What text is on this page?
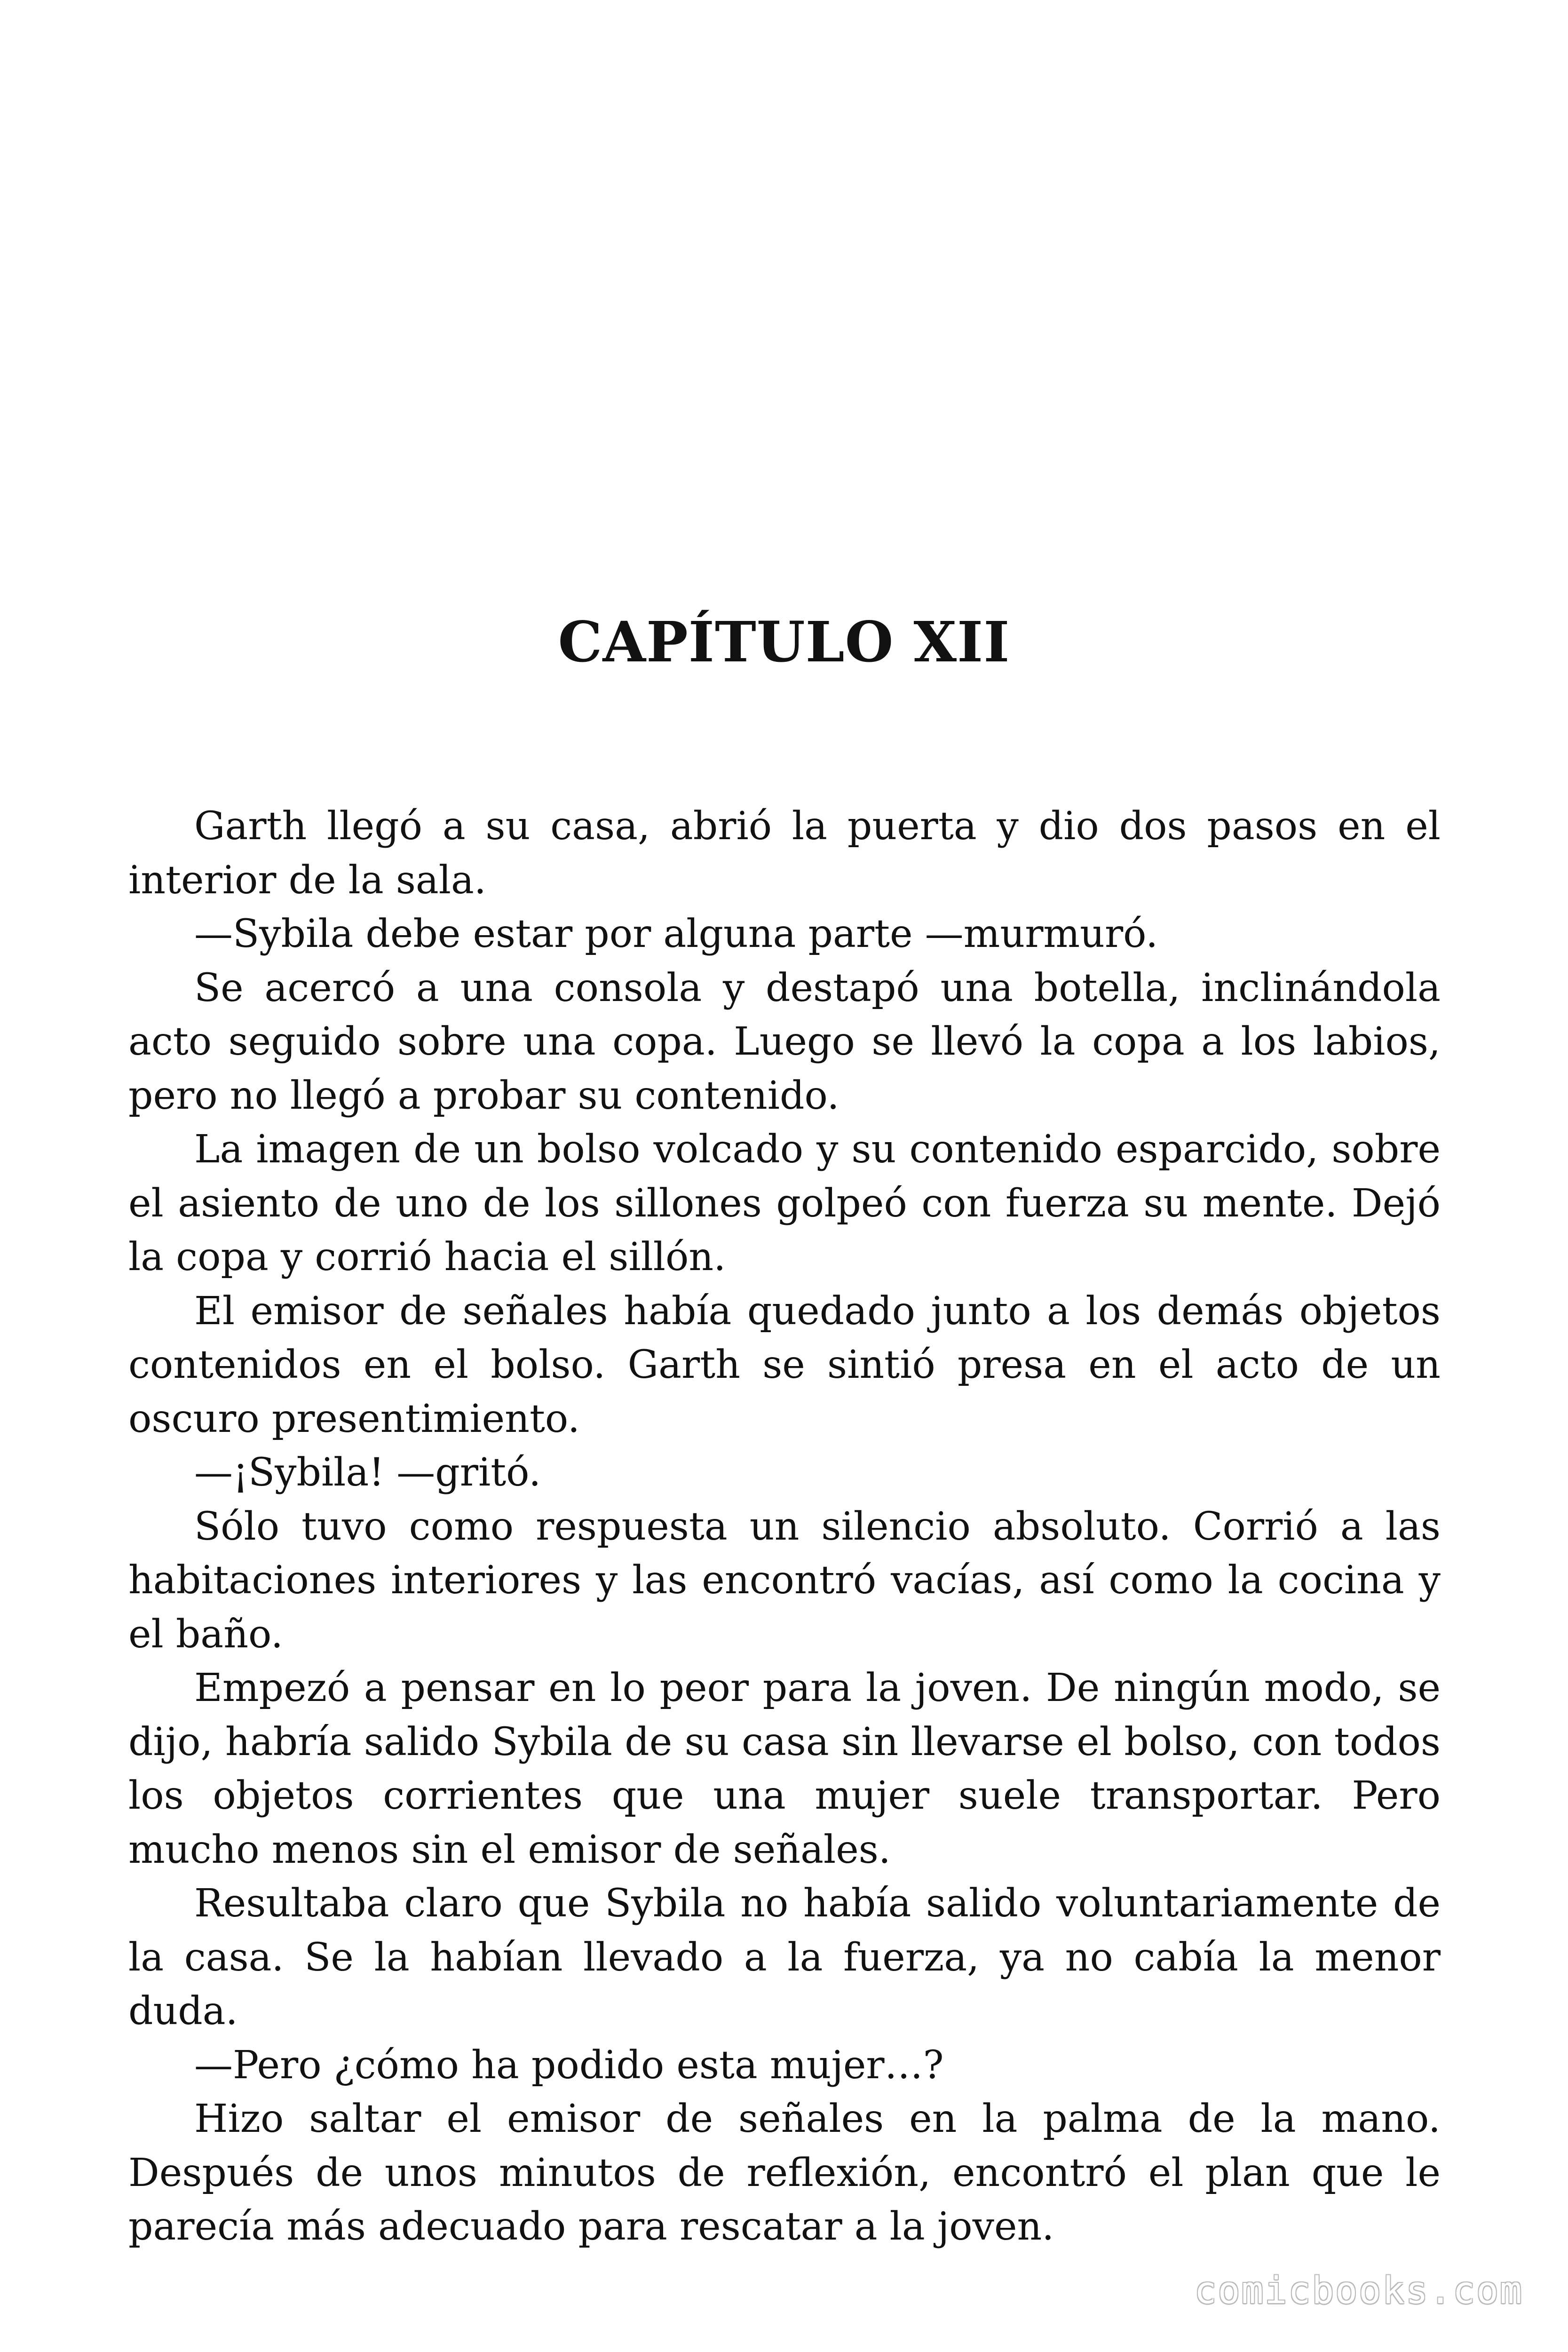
CAPÍTULO XII

Garth llegó a su casa, abrió la puerta y dio dos pasos en el interior de la sala.

—Sybila debe estar por alguna parte —murmuró.

Se acercó a una consola y destapó una botella, inclinándola acto seguido sobre una copa. Luego se llevó la copa a los labios, pero no llegó a probar su contenido.

La imagen de un bolso volcado y su contenido esparcido, sobre el asiento de uno de los sillones golpeó con fuerza su mente. Dejó la copa y corrió hacia el sillón.

El emisor de señales había quedado junto a los demás objetos contenidos en el bolso. Garth se sintió presa en el acto de un oscuro presentimiento.

—¡Sybila! —gritó.

Sólo tuvo como respuesta un silencio absoluto. Corrió a las habitaciones interiores y las encontró vacías, así como la cocina y el baño.

Empezó a pensar en lo peor para la joven. De ningún modo, se dijo, habría salido Sybila de su casa sin llevarse el bolso, con todos los objetos corrientes que una mujer suele transportar. Pero mucho menos sin el emisor de señales.

Resultaba claro que Sybila no había salido voluntariamente de la casa. Se la habían llevado a la fuerza, ya no cabía la menor duda.

—Pero ¿cómo ha podido esta mujer…?

Hizo saltar el emisor de señales en la palma de la mano. Después de unos minutos de reflexión, encontró el plan que le parecía más adecuado para rescatar a la joven.

comicbooks.com
